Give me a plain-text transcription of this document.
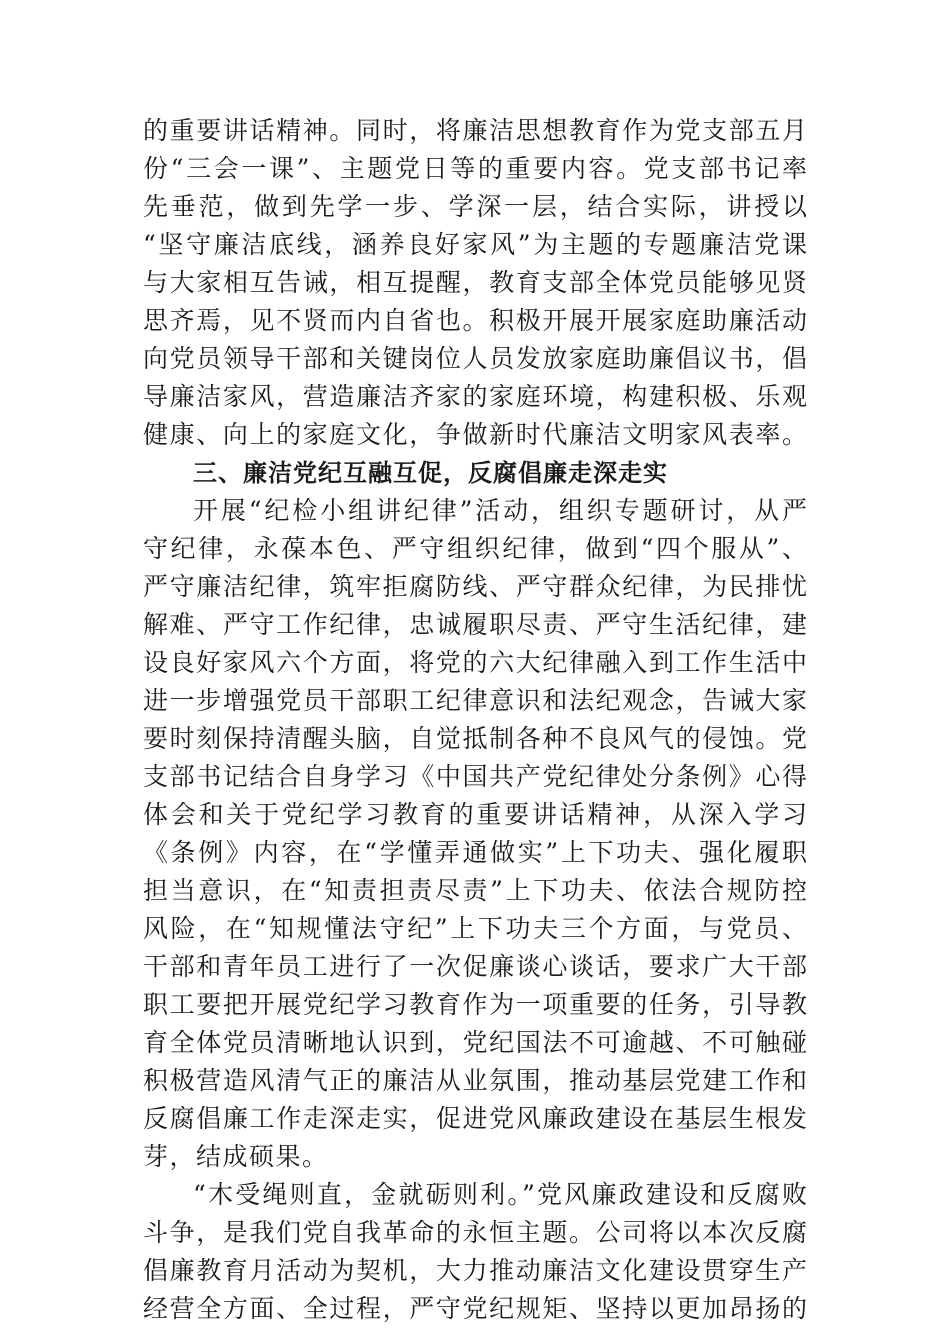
的重要讲话精神。同时，将廉洁思想教育作为党支部五月
份“三会一课”、主题党日等的重要内容。党支部书记率
先垂范，做到先学一步、学深一层，结合实际，讲授以
“坚守廉洁底线，涵养良好家风”为主题的专题廉洁党课
与大家相互告诫，相互提醒，教育支部全体党员能够见贤
思齐焉，见不贤而内自省也。积极开展开展家庭助廉活动
向党员领导干部和关键岗位人员发放家庭助廉倡议书，倡
导廉洁家风，营造廉洁齐家的家庭环境，构建积极、乐观
健康、向上的家庭文化，争做新时代廉洁文明家风表率。
三、廉洁党纪互融互促，反腐倡廉走深走实
开展“纪检小组讲纪律”活动，组织专题研讨，从严
守纪律，永葆本色、严守组织纪律，做到“四个服从”、
严守廉洁纪律，筑牢拒腐防线、严守群众纪律，为民排忧
解难、严守工作纪律，忠诚履职尽责、严守生活纪律，建
设良好家风六个方面，将党的六大纪律融入到工作生活中
进一步增强党员干部职工纪律意识和法纪观念，告诫大家
要时刻保持清醒头脑，自觉抵制各种不良风气的侵蚀。党
支部书记结合自身学习《中国共产党纪律处分条例》心得
体会和关于党纪学习教育的重要讲话精神，从深入学习
《条例》内容，在“学懂弄通做实”上下功夫、强化履职
担当意识，在“知责担责尽责”上下功夫、依法合规防控
风险，在“知规懂法守纪”上下功夫三个方面，与党员、
干部和青年员工进行了一次促廉谈心谈话，要求广大干部
职工要把开展党纪学习教育作为一项重要的任务，引导教
育全体党员清晰地认识到，党纪国法不可逾越、不可触碰
积极营造风清气正的廉洁从业氛围，推动基层党建工作和
反腐倡廉工作走深走实，促进党风廉政建设在基层生根发
芽，结成硕果。
“木受绳则直，金就砺则利。”党风廉政建设和反腐败
斗争，是我们党自我革命的永恒主题。公司将以本次反腐
倡廉教育月活动为契机，大力推动廉洁文化建设贯穿生产
经营全方面、全过程，严守党纪规矩、坚持以更加昂扬的
